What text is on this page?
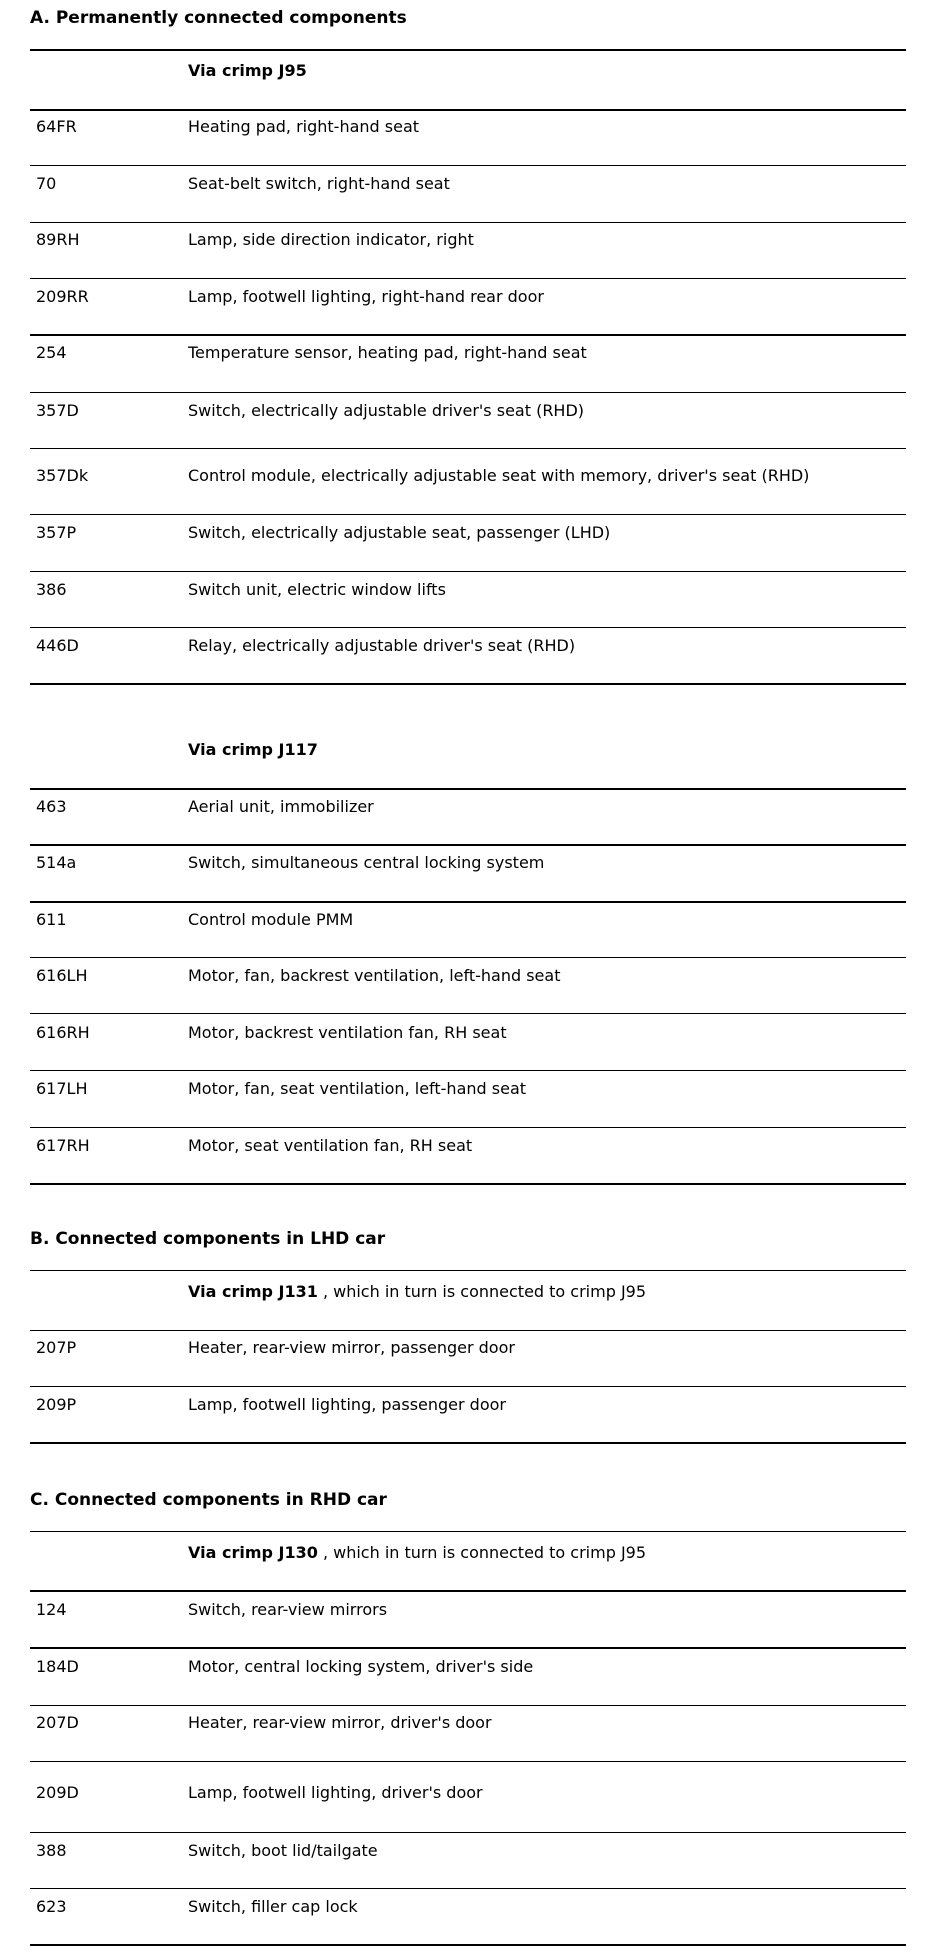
A. Permanently connected components
Via crimp J95
64FR	Heating pad, right-hand seat
70	Seat-belt switch, right-hand seat
89RH	Lamp, side direction indicator, right
209RR	Lamp, footwell lighting, right-hand rear door
254	Temperature sensor, heating pad, right-hand seat
357D	Switch, electrically adjustable driver's seat (RHD)
357Dk	Control module, electrically adjustable seat with memory, driver's seat (RHD)
357P	Switch, electrically adjustable seat, passenger (LHD)
386	Switch unit, electric window lifts
446D	Relay, electrically adjustable driver's seat (RHD)
Via crimp J117
463	Aerial unit, immobilizer
514a	Switch, simultaneous central locking system
611	Control module PMM
616LH	Motor, fan, backrest ventilation, left-hand seat
616RH	Motor, backrest ventilation fan, RH seat
617LH	Motor, fan, seat ventilation, left-hand seat
617RH	Motor, seat ventilation fan, RH seat
B. Connected components in LHD car
Via crimp J131 , which in turn is connected to crimp J95
207P	Heater, rear-view mirror, passenger door
209P	Lamp, footwell lighting, passenger door
C. Connected components in RHD car
Via crimp J130 , which in turn is connected to crimp J95
124	Switch, rear-view mirrors
184D	Motor, central locking system, driver's side
207D	Heater, rear-view mirror, driver's door
209D	Lamp, footwell lighting, driver's door
388	Switch, boot lid/tailgate
623	Switch, filler cap lock
